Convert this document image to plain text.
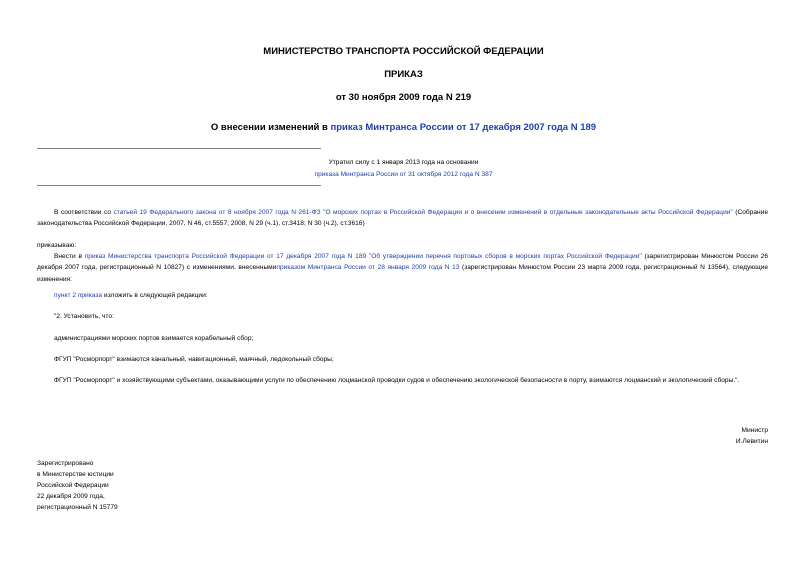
МИНИСТЕРСТВО ТРАНСПОРТА РОССИЙСКОЙ ФЕДЕРАЦИИ
ПРИКАЗ
от 30 ноября 2009 года N 219
О внесении изменений в приказ Минтранса России от 17 декабря 2007 года N 189
Утратил силу с 1 января 2013 года на основании
приказа Минтранса России от 31 октября 2012 года N 387
В соответствии со статьей 19 Федерального закона от 8 ноября 2007 года N 261-ФЗ "О морских портах в Российской Федерации и о внесении изменений в отдельные законодательные акты Российской Федерации" (Собрание законодательства Российской Федерации, 2007, N 46, ст.5557; 2008, N 29 (ч.1), ст.3418; N 30 (ч.2), ст.3616)
приказываю:
Внести в приказ Министерства транспорта Российской Федерации от 17 декабря 2007 года N 189 "Об утверждении перечня портовых сборов в морских портах Российской Федерации" (зарегистрирован Минюстом России 26 декабря 2007 года, регистрационный N 10827) с изменениями, внесеннымиприказом Минтранса России от 28 января 2009 года N 13 (зарегистрирован Минюстом России 23 марта 2009 года, регистрационный N 13564), следующие изменения:
пункт 2 приказа изложить в следующей редакции:
"2. Установить, что:
администрациями морских портов взимается корабельный сбор;
ФГУП "Росморпорт" взимаются канальный, навигационный, маячный, ледокольный сборы;
ФГУП "Росморпорт" и хозяйствующими субъектами, оказывающими услуги по обеспечению лоцманской проводки судов и обеспечению экологической безопасности в порту, взимаются лоцманский и экологический сборы.".
Министр
И.Левитин
Зарегистрировано
в Министерстве юстиции
Российской Федерации
22 декабря 2009 года,
регистрационный N 15779
